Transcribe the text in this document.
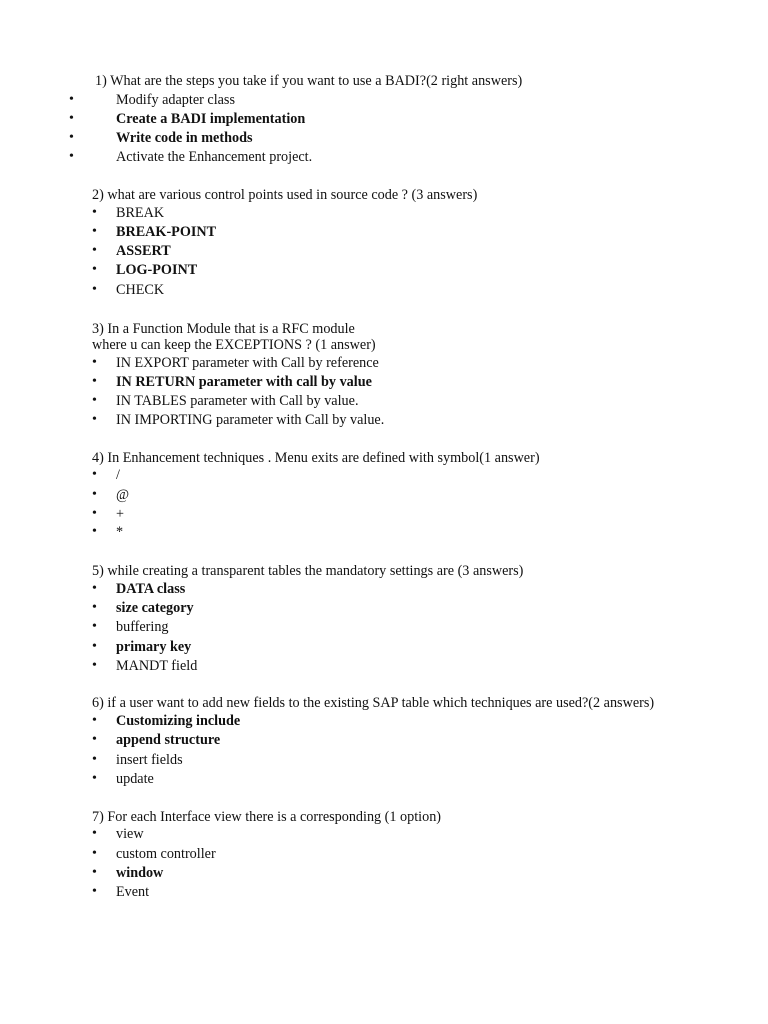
1) What are the steps you take if you want to use a BADI?(2 right answers)
•	Modify adapter class
•	Create a BADI implementation
•	Write code in methods
•	Activate the Enhancement project.
2) what are various control points used in source code ? (3 answers)
• BREAK
• BREAK-POINT
• ASSERT
• LOG-POINT
• CHECK
3) In a Function Module that is a RFC module
where u can keep the EXCEPTIONS ? (1 answer)
• IN EXPORT parameter with Call by reference
• IN RETURN parameter with call by value
• IN TABLES parameter with Call by value.
• IN IMPORTING parameter with Call by value.
4) In Enhancement techniques . Menu exits are defined with symbol(1 answer)
• /
• @
• +
• *
5) while creating a transparent tables the mandatory settings are (3 answers)
• DATA class
• size category
• buffering
• primary key
• MANDT field
6) if a user want to add new fields to the existing SAP table which techniques are used?(2 answers)
• Customizing include
• append structure
• insert fields
• update
7) For each Interface view there is a corresponding (1 option)
• view
• custom controller
• window
• Event
